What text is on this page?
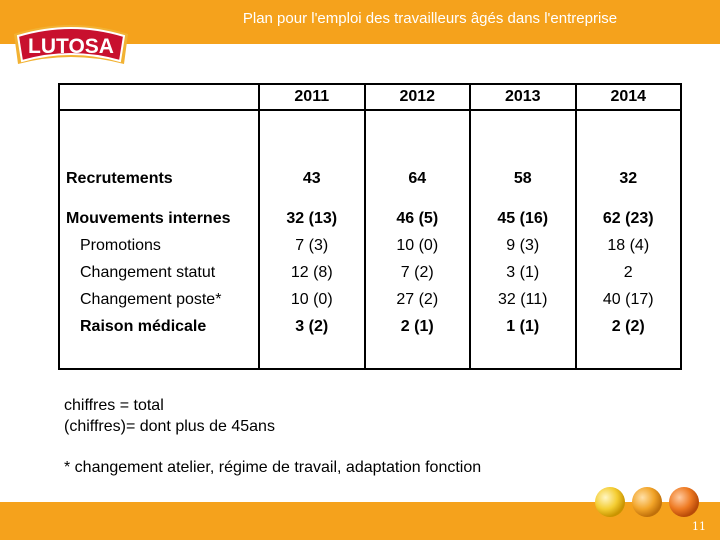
Plan pour l'emploi des travailleurs âgés dans l'entreprise
LUTOSA
	2011	2012	2013	2014

Recrutements	43	64	58	32

Mouvements internes	32 (13)	46 (5)	45 (16)	62 (23)
Promotions	7 (3)	10 (0)	9 (3)	18 (4)
Changement statut	12 (8)	7 (2)	3 (1)	2
Changement poste*	10 (0)	27 (2)	32 (11)	40 (17)
Raison médicale	3 (2)	2 (1)	1 (1)	2 (2)

chiffres = total
(chiffres)= dont plus de 45ans
* changement atelier, régime de travail, adaptation fonction
11
